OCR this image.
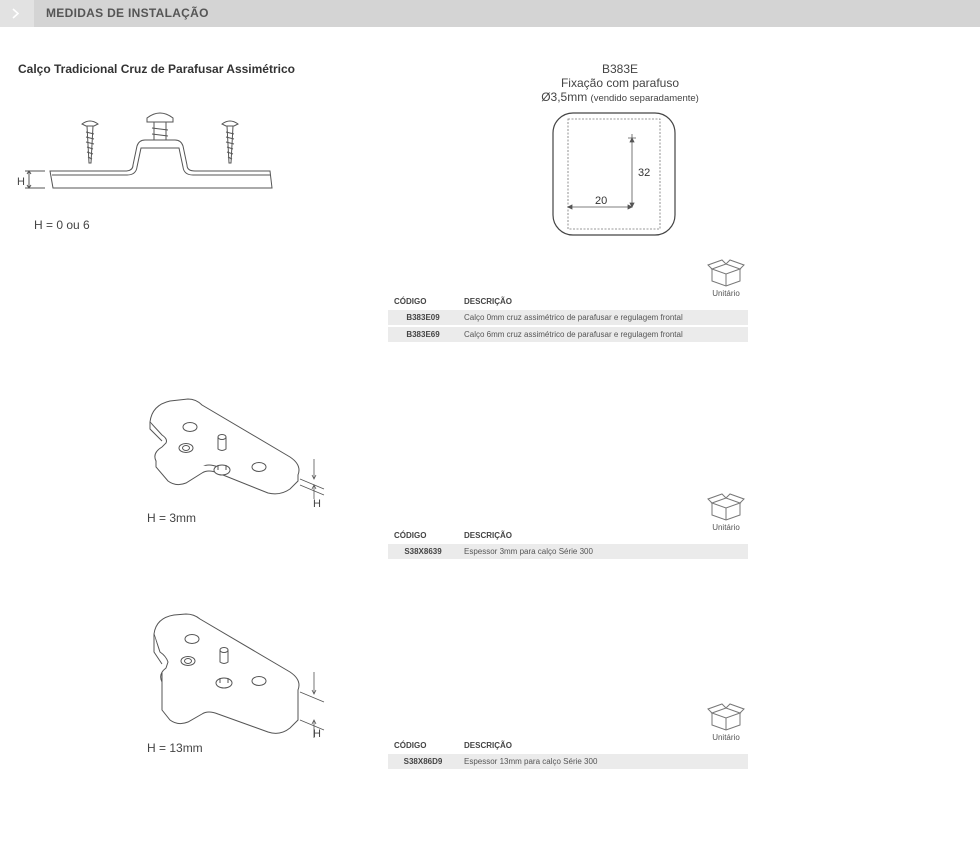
MEDIDAS DE INSTALAÇÃO
Calço Tradicional Cruz de Parafusar Assimétrico
H
H = 0 ou 6
B383E
Fixação com parafuso
Ø3,5mm (vendido separadamente)
32
20
Unitário
CÓDIGO	DESCRIÇÃO
B383E09	Calço 0mm cruz assimétrico de parafusar e regulagem frontal
B383E69	Calço 6mm cruz assimétrico de parafusar e regulagem frontal
H
H = 3mm
Unitário
CÓDIGO	DESCRIÇÃO
S38X8639	Espessor 3mm para calço Série 300
H
H = 13mm
Unitário
CÓDIGO	DESCRIÇÃO
S38X86D9	Espessor 13mm para calço Série 300
